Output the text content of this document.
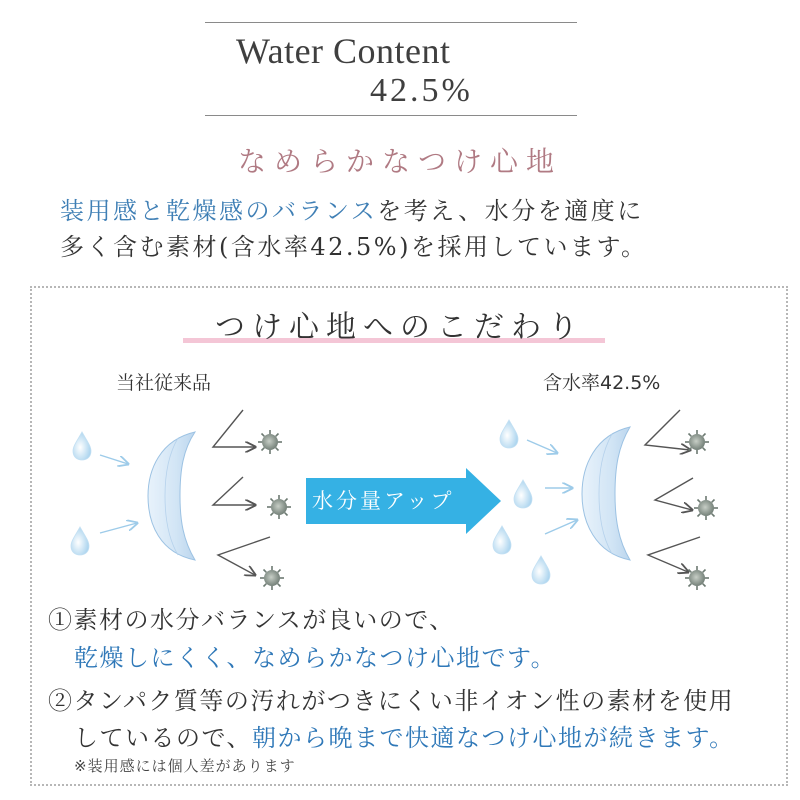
Water Content
42.5%
なめらかなつけ心地
装用感と乾燥感のバランスを考え、水分を適度に
多く含む素材(含水率42.5%)を採用しています。
つけ心地へのこだわり
当社従来品	含水率42.5%
水分量アップ
①素材の水分バランスが良いので、
乾燥しにくく、なめらかなつけ心地です。
②タンパク質等の汚れがつきにくい非イオン性の素材を使用
しているので、朝から晩まで快適なつけ心地が続きます。
※装用感には個人差があります
